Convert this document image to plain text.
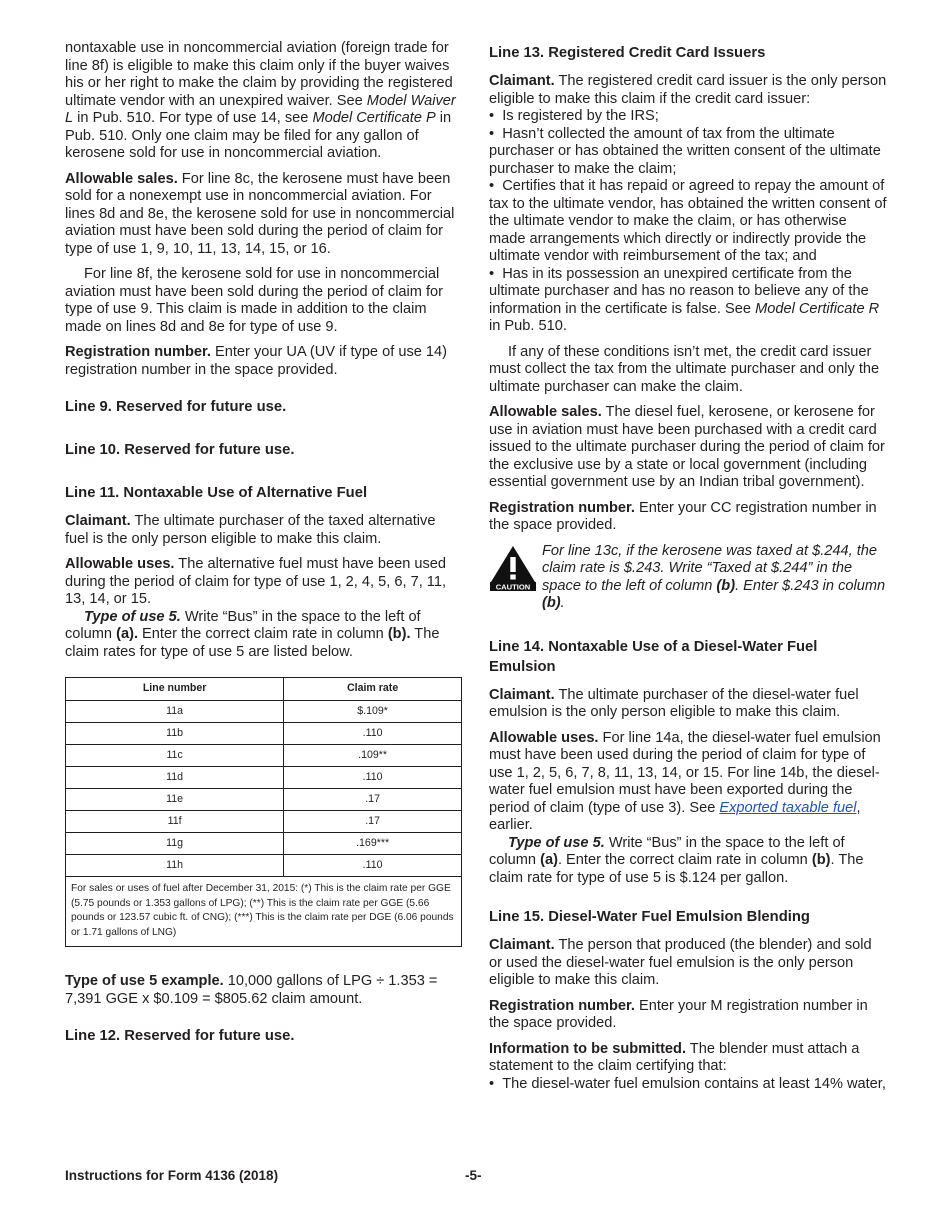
nontaxable use in noncommercial aviation (foreign trade for line 8f) is eligible to make this claim only if the buyer waives his or her right to make the claim by providing the registered ultimate vendor with an unexpired waiver. See Model Waiver L in Pub. 510. For type of use 14, see Model Certificate P in Pub. 510. Only one claim may be filed for any gallon of kerosene sold for use in noncommercial aviation.

Allowable sales. For line 8c, the kerosene must have been sold for a nonexempt use in noncommercial aviation. For lines 8d and 8e, the kerosene sold for use in noncommercial aviation must have been sold during the period of claim for type of use 1, 9, 10, 11, 13, 14, 15, or 16.

For line 8f, the kerosene sold for use in noncommercial aviation must have been sold during the period of claim for type of use 9. This claim is made in addition to the claim made on lines 8d and 8e for type of use 9.

Registration number. Enter your UA (UV if type of use 14) registration number in the space provided.

Line 9. Reserved for future use.
Line 10. Reserved for future use.
Line 11. Nontaxable Use of Alternative Fuel

Claimant. The ultimate purchaser of the taxed alternative fuel is the only person eligible to make this claim.

Allowable uses. The alternative fuel must have been used during the period of claim for type of use 1, 2, 4, 5, 6, 7, 11, 13, 14, or 15.

Type of use 5. Write “Bus” in the space to the left of column (a). Enter the correct claim rate in column (b). The claim rates for type of use 5 are listed below.

Line number	Claim rate
11a	$.109*
11b	.110
11c	.109**
11d	.110
11e	.17
11f	.17
11g	.169***
11h	.110
For sales or uses of fuel after December 31, 2015: (*) This is the claim rate per GGE (5.75 pounds or 1.353 gallons of LPG); (**) This is the claim rate per GGE (5.66 pounds or 123.57 cubic ft. of CNG); (***) This is the claim rate per DGE (6.06 pounds or 1.71 gallons of LNG)	

Type of use 5 example. 10,000 gallons of LPG ÷ 1.353 = 7,391 GGE x $0.109 = $805.62 claim amount.

Line 12. Reserved for future use.
Line 13. Registered Credit Card Issuers

Claimant. The registered credit card issuer is the only person eligible to make this claim if the credit card issuer:

•  Is registered by the IRS;

•  Hasn’t collected the amount of tax from the ultimate purchaser or has obtained the written consent of the ultimate purchaser to make the claim;

•  Certifies that it has repaid or agreed to repay the amount of tax to the ultimate vendor, has obtained the written consent of the ultimate vendor to make the claim, or has otherwise made arrangements which directly or indirectly provide the ultimate vendor with reimbursement of the tax; and

•  Has in its possession an unexpired certificate from the ultimate purchaser and has no reason to believe any of the information in the certificate is false. See Model Certificate R in Pub. 510.

If any of these conditions isn’t met, the credit card issuer must collect the tax from the ultimate purchaser and only the ultimate purchaser can make the claim.

Allowable sales. The diesel fuel, kerosene, or kerosene for use in aviation must have been purchased with a credit card issued to the ultimate purchaser during the period of claim for the exclusive use by a state or local government (including essential government use by an Indian tribal government).

Registration number. Enter your CC registration number in the space provided.

CAUTION
For line 13c, if the kerosene was taxed at $.244, the claim rate is $.243. Write “Taxed at $.244” in the space to the left of column (b). Enter $.243 in column (b).
Line 14. Nontaxable Use of a Diesel-Water Fuel Emulsion

Claimant. The ultimate purchaser of the diesel-water fuel emulsion is the only person eligible to make this claim.

Allowable uses. For line 14a, the diesel-water fuel emulsion must have been used during the period of claim for type of use 1, 2, 5, 6, 7, 8, 11, 13, 14, or 15. For line 14b, the diesel-water fuel emulsion must have been exported during the period of claim (type of use 3). See Exported taxable fuel, earlier.

Type of use 5. Write “Bus” in the space to the left of column (a). Enter the correct claim rate in column (b). The claim rate for type of use 5 is $.124 per gallon.

Line 15. Diesel-Water Fuel Emulsion Blending

Claimant. The person that produced (the blender) and sold or used the diesel-water fuel emulsion is the only person eligible to make this claim.

Registration number. Enter your M registration number in the space provided.

Information to be submitted. The blender must attach a statement to the claim certifying that:

•  The diesel-water fuel emulsion contains at least 14% water,

Instructions for Form 4136 (2018)	-5-
